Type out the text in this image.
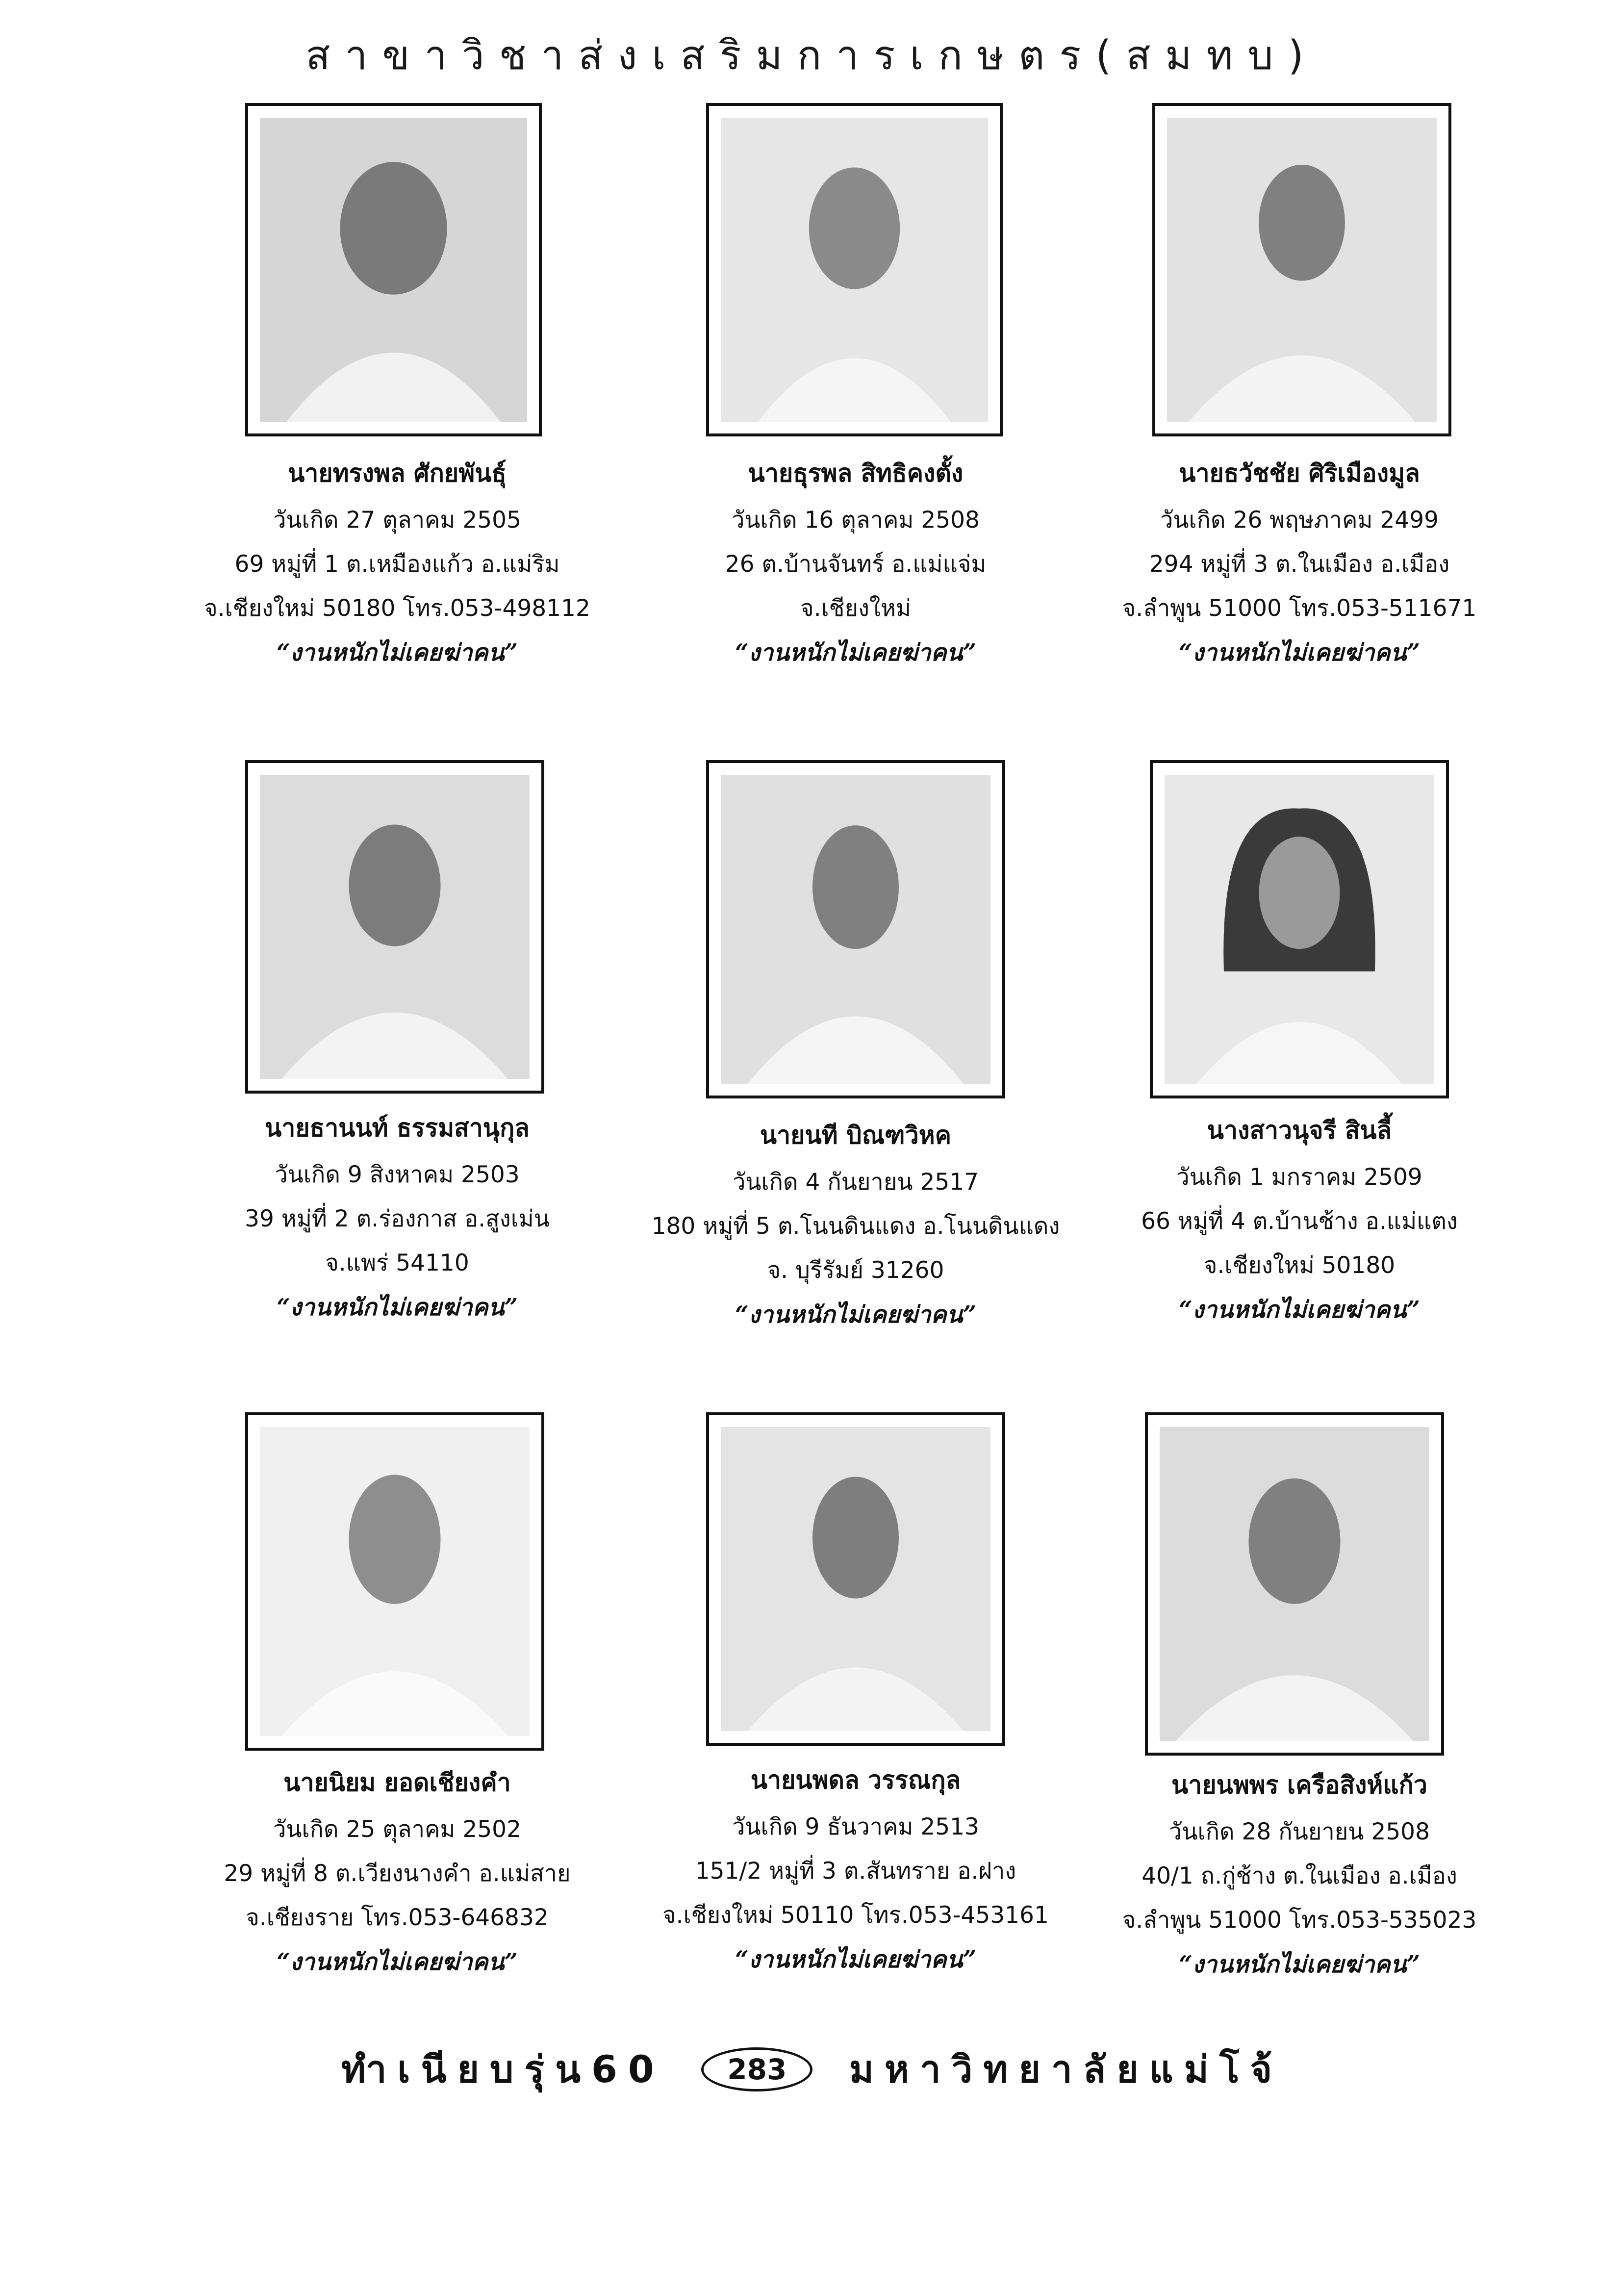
สาขาวิชาส่งเสริมการเกษตร(สมทบ)
นายทรงพล ศักยพันธุ์
วันเกิด 27 ตุลาคม 2505
69 หมู่ที่ 1 ต.เหมืองแก้ว อ.แม่ริม
จ.เชียงใหม่ 50180 โทร.053-498112
“งานหนักไม่เคยฆ่าคน”
นายธุรพล สิทธิคงตั้ง
วันเกิด 16 ตุลาคม 2508
26 ต.บ้านจันทร์ อ.แม่แจ่ม
จ.เชียงใหม่
“งานหนักไม่เคยฆ่าคน”
นายธวัชชัย ศิริเมืองมูล
วันเกิด 26 พฤษภาคม 2499
294 หมู่ที่ 3 ต.ในเมือง อ.เมือง
จ.ลำพูน 51000 โทร.053-511671
“งานหนักไม่เคยฆ่าคน”
นายธานนท์ ธรรมสานุกุล
วันเกิด 9 สิงหาคม 2503
39 หมู่ที่ 2 ต.ร่องกาส อ.สูงเม่น
จ.แพร่ 54110
“งานหนักไม่เคยฆ่าคน”
นายนที บิณฑวิหค
วันเกิด 4 กันยายน 2517
180 หมู่ที่ 5 ต.โนนดินแดง อ.โนนดินแดง
จ. บุรีรัมย์ 31260
“งานหนักไม่เคยฆ่าคน”
นางสาวนุจรี สินลี้
วันเกิด 1 มกราคม 2509
66 หมู่ที่ 4 ต.บ้านช้าง อ.แม่แตง
จ.เชียงใหม่ 50180
“งานหนักไม่เคยฆ่าคน”
นายนิยม ยอดเชียงคำ
วันเกิด 25 ตุลาคม 2502
29 หมู่ที่ 8 ต.เวียงนางคำ อ.แม่สาย
จ.เชียงราย โทร.053-646832
“งานหนักไม่เคยฆ่าคน”
นายนพดล วรรณกุล
วันเกิด 9 ธันวาคม 2513
151/2 หมู่ที่ 3 ต.สันทราย อ.ฝาง
จ.เชียงใหม่ 50110 โทร.053-453161
“งานหนักไม่เคยฆ่าคน”
นายนพพร เครือสิงห์แก้ว
วันเกิด 28 กันยายน 2508
40/1 ถ.กู่ช้าง ต.ในเมือง อ.เมือง
จ.ลำพูน 51000 โทร.053-535023
“งานหนักไม่เคยฆ่าคน”
ทำเนียบรุ่น60 283 มหาวิทยาลัยแม่โจ้
